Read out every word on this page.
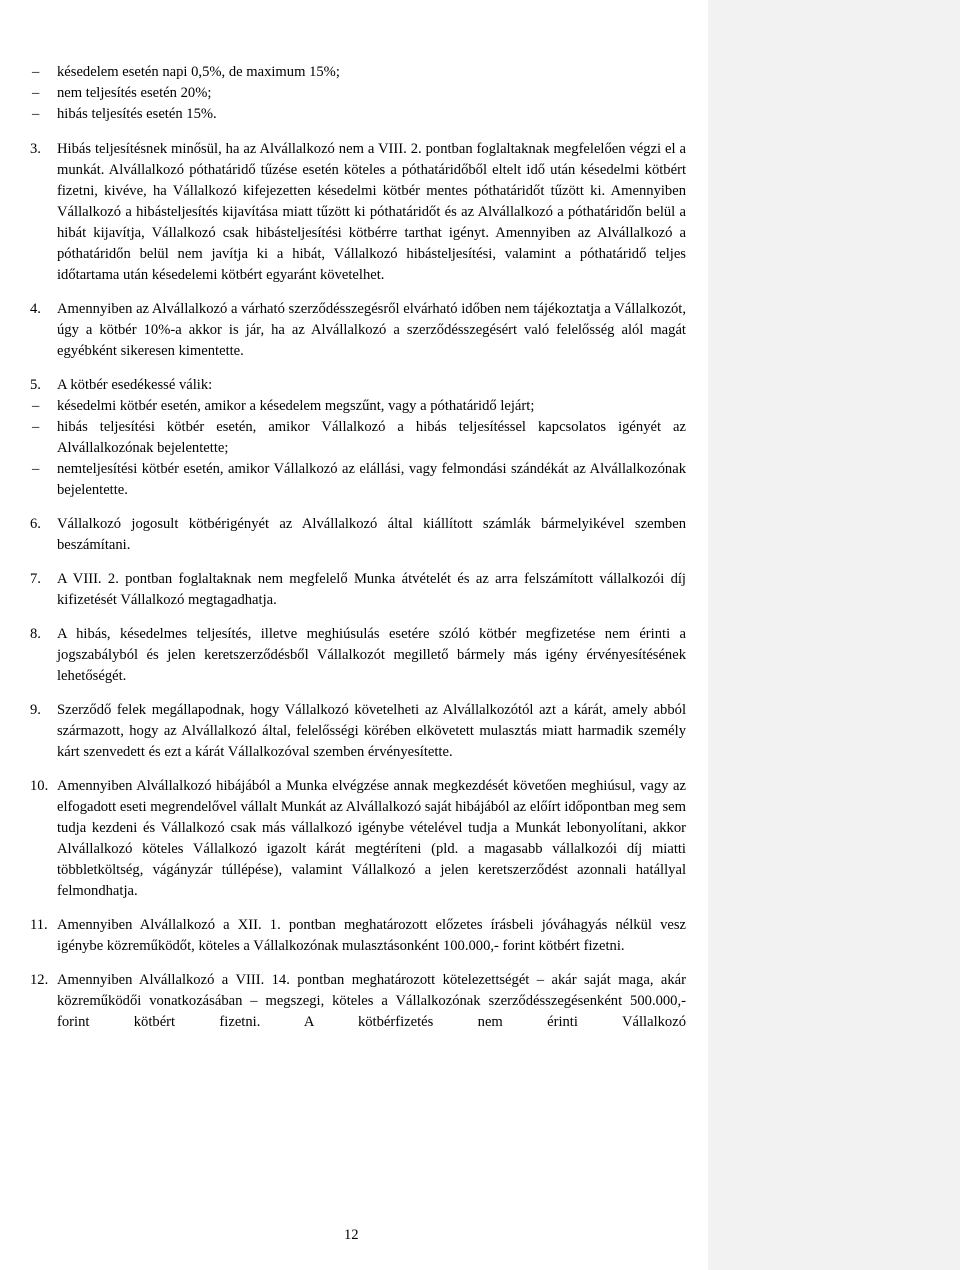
– késedelem esetén napi 0,5%, de maximum 15%;
– nem teljesítés esetén 20%;
– hibás teljesítés esetén 15%.
3.	Hibás teljesítésnek minősül, ha az Alvállalkozó nem a VIII. 2. pontban foglaltaknak megfelelően végzi el a munkát. Alvállalkozó póthatáridő tűzése esetén köteles a póthatáridőből eltelt idő után késedelmi kötbért fizetni, kivéve, ha Vállalkozó kifejezetten késedelmi kötbér mentes póthatáridőt tűzött ki. Amennyiben Vállalkozó a hibásteljesítés kijavítása miatt tűzött ki póthatáridőt és az Alvállalkozó a póthatáridőn belül a hibát kijavítja, Vállalkozó csak hibásteljesítési kötbérre tarthat igényt. Amennyiben az Alvállalkozó a póthatáridőn belül nem javítja ki a hibát, Vállalkozó hibásteljesítési, valamint a póthatáridő teljes időtartama után késedelemi kötbért egyaránt követelhet.
4.	Amennyiben az Alvállalkozó a várható szerződésszegésről elvárható időben nem tájékoztatja a Vállalkozót, úgy a kötbér 10%-a akkor is jár, ha az Alvállalkozó a szerződésszegésért való felelősség alól magát egyébként sikeresen kimentette.
5.	A kötbér esedékessé válik:
– késedelmi kötbér esetén, amikor a késedelem megszűnt, vagy a póthatáridő lejárt;
– hibás teljesítési kötbér esetén, amikor Vállalkozó a hibás teljesítéssel kapcsolatos igényét az Alvállalkozónak bejelentette;
– nemteljesítési kötbér esetén, amikor Vállalkozó az elállási, vagy felmondási szándékát az Alvállalkozónak bejelentette.
6.	Vállalkozó jogosult kötbérigényét az Alvállalkozó által kiállított számlák bármelyikével szemben beszámítani.
7.	A VIII. 2. pontban foglaltaknak nem megfelelő Munka átvételét és az arra felszámított vállalkozói díj kifizetését Vállalkozó megtagadhatja.
8.	A hibás, késedelmes teljesítés, illetve meghiúsulás esetére szóló kötbér megfizetése nem érinti a jogszabályból és jelen keretszerződésből Vállalkozót megillető bármely más igény érvényesítésének lehetőségét.
9.	Szerződő felek megállapodnak, hogy Vállalkozó követelheti az Alvállalkozótól azt a kárát, amely abból származott, hogy az Alvállalkozó által, felelősségi körében elkövetett mulasztás miatt harmadik személy kárt szenvedett és ezt a kárát Vállalkozóval szemben érvényesítette.
10. Amennyiben Alvállalkozó hibájából a Munka elvégzése annak megkezdését követően meghiúsul, vagy az elfogadott eseti megrendelővel vállalt Munkát az Alvállalkozó saját hibájából az előírt időpontban meg sem tudja kezdeni és Vállalkozó csak más vállalkozó igénybe vételével tudja a Munkát lebonyolítani, akkor Alvállalkozó köteles Vállalkozó igazolt kárát megtéríteni (pld. a magasabb vállalkozói díj miatti többletköltség, vágányzár túllépése), valamint Vállalkozó a jelen keretszerződést azonnali hatállyal felmondhatja.
11. Amennyiben Alvállalkozó a XII. 1. pontban meghatározott előzetes írásbeli jóváhagyás nélkül vesz igénybe közreműködőt, köteles a Vállalkozónak mulasztásonként 100.000,- forint kötbért fizetni.
12. Amennyiben Alvállalkozó a VIII. 14. pontban meghatározott kötelezettségét – akár saját maga, akár közreműködői vonatkozásában – megszegi, köteles a Vállalkozónak szerződésszegésenként 500.000,- forint kötbért fizetni. A kötbérfizetés nem érinti Vállalkozó
12
